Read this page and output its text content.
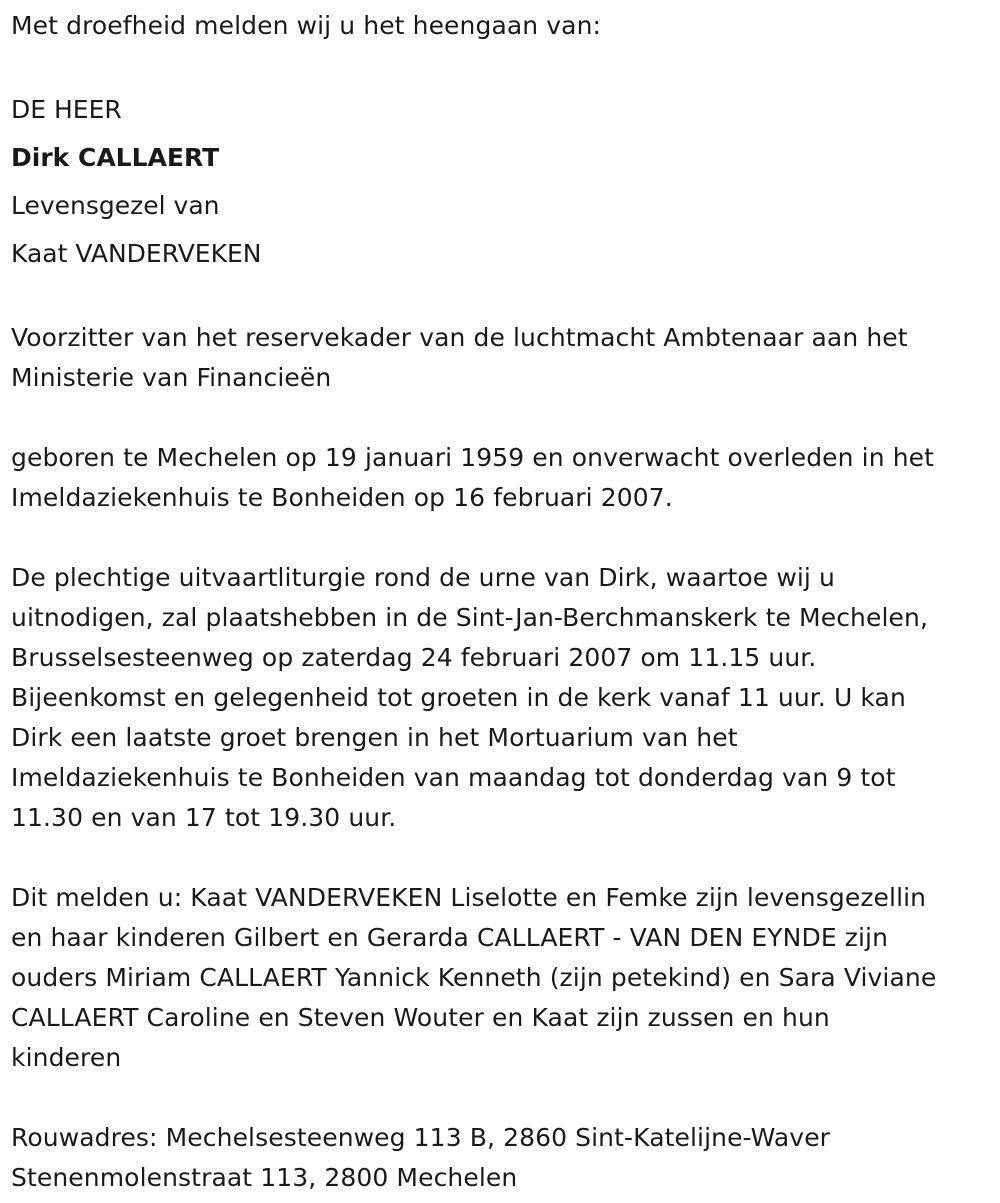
Met droefheid melden wij u het heengaan van:

DE HEER

Dirk CALLAERT

Levensgezel van

Kaat VANDERVEKEN

Voorzitter van het reservekader van de luchtmacht Ambtenaar aan het

Ministerie van Financieën

geboren te Mechelen op 19 januari 1959 en onverwacht overleden in het

Imeldaziekenhuis te Bonheiden op 16 februari 2007.

De plechtige uitvaartliturgie rond de urne van Dirk, waartoe wij u

uitnodigen, zal plaatshebben in de Sint-Jan-Berchmanskerk te Mechelen,

Brusselsesteenweg op zaterdag 24 februari 2007 om 11.15 uur.

Bijeenkomst en gelegenheid tot groeten in de kerk vanaf 11 uur. U kan

Dirk een laatste groet brengen in het Mortuarium van het

Imeldaziekenhuis te Bonheiden van maandag tot donderdag van 9 tot

11.30 en van 17 tot 19.30 uur.

Dit melden u: Kaat VANDERVEKEN Liselotte en Femke zijn levensgezellin

en haar kinderen Gilbert en Gerarda CALLAERT - VAN DEN EYNDE zijn

ouders Miriam CALLAERT Yannick Kenneth (zijn petekind) en Sara Viviane

CALLAERT Caroline en Steven Wouter en Kaat zijn zussen en hun

kinderen

Rouwadres: Mechelsesteenweg 113 B, 2860 Sint-Katelijne-Waver

Stenenmolenstraat 113, 2800 Mechelen
